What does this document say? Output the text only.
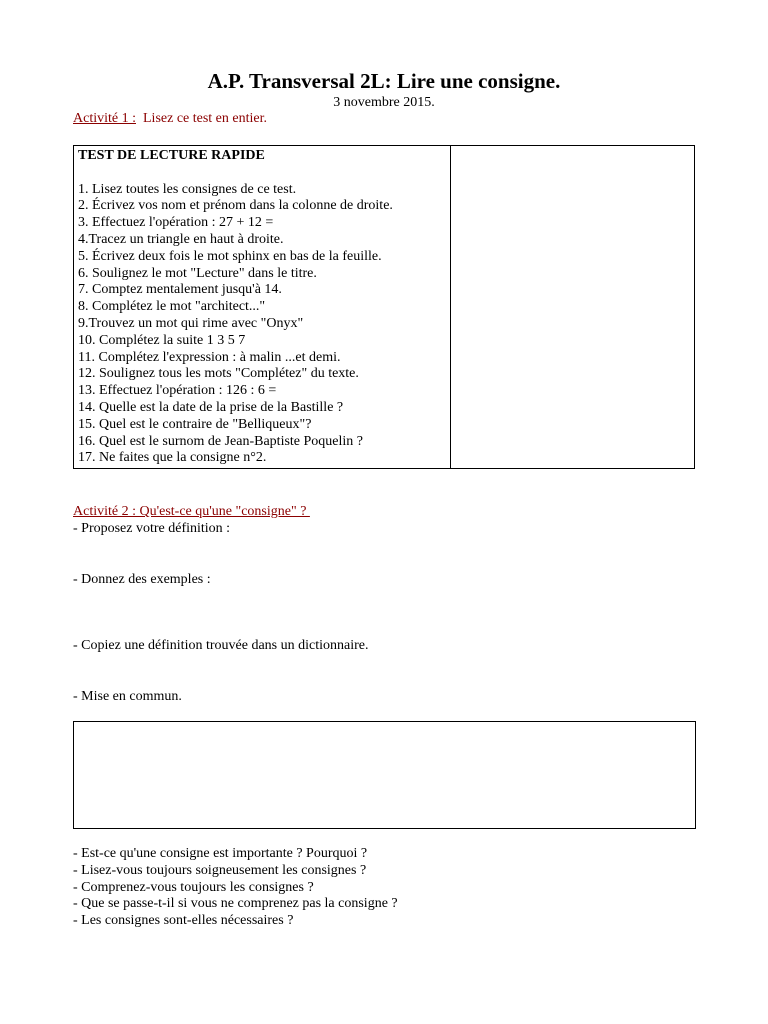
A.P. Transversal 2L: Lire une consigne.
3 novembre 2015.
Activité 1 :  Lisez ce test en entier.
TEST DE LECTURE RAPIDE
1. Lisez toutes les consignes de ce test.
2. Écrivez vos nom et prénom dans la colonne de droite.
3. Effectuez l'opération : 27 + 12 =
4.Tracez un triangle en haut à droite.
5. Écrivez deux fois le mot sphinx en bas de la feuille.
6. Soulignez le mot "Lecture" dans le titre.
7. Comptez mentalement jusqu'à 14.
8. Complétez le mot "architect..."
9.Trouvez un mot qui rime avec "Onyx"
10. Complétez la suite 1 3 5 7
11. Complétez l'expression : à malin ...et demi.
12. Soulignez tous les mots "Complétez" du texte.
13. Effectuez l'opération : 126 : 6 =
14. Quelle est la date de la prise de la Bastille ?
15. Quel est le contraire de "Belliqueux"?
16. Quel est le surnom de Jean-Baptiste Poquelin ?
17. Ne faites que la consigne n°2.
Activité 2 : Qu'est-ce qu'une "consigne" ?
- Proposez votre définition :
- Donnez des exemples :
- Copiez une définition trouvée dans un dictionnaire.
- Mise en commun.
- Est-ce qu'une consigne est importante ? Pourquoi ?
- Lisez-vous toujours soigneusement les consignes ?
- Comprenez-vous toujours les consignes ?
- Que se passe-t-il si vous ne comprenez pas la consigne ?
- Les consignes sont-elles nécessaires ?
